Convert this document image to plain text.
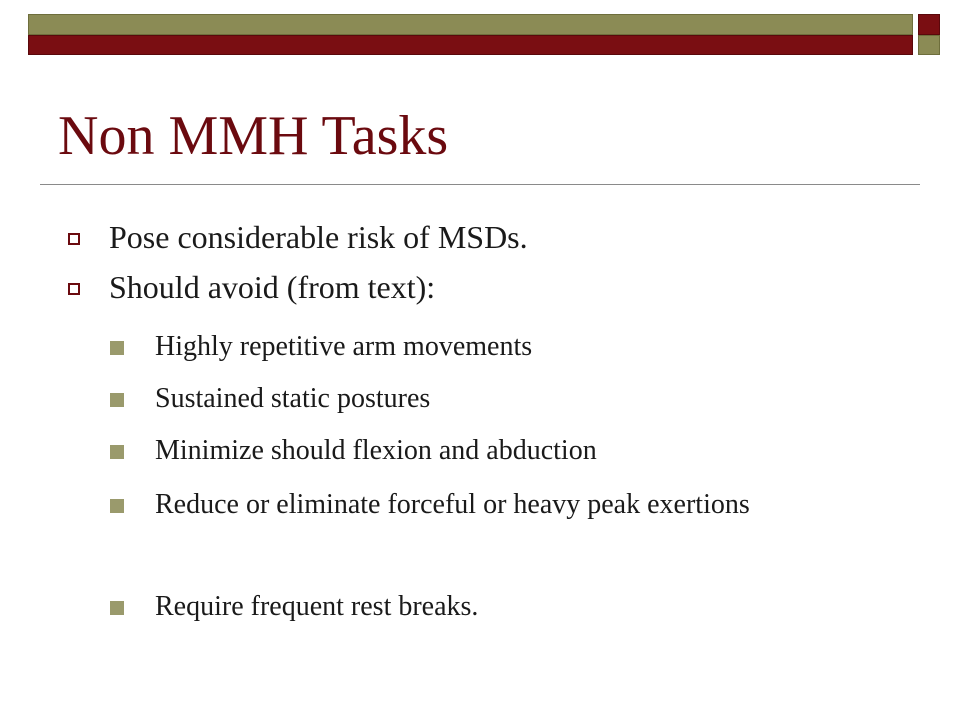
Non MMH Tasks
Pose considerable risk of MSDs.
Should avoid (from text):
Highly repetitive arm movements
Sustained static postures
Minimize should flexion and abduction
Reduce or eliminate forceful or heavy peak exertions
Require frequent rest breaks.
